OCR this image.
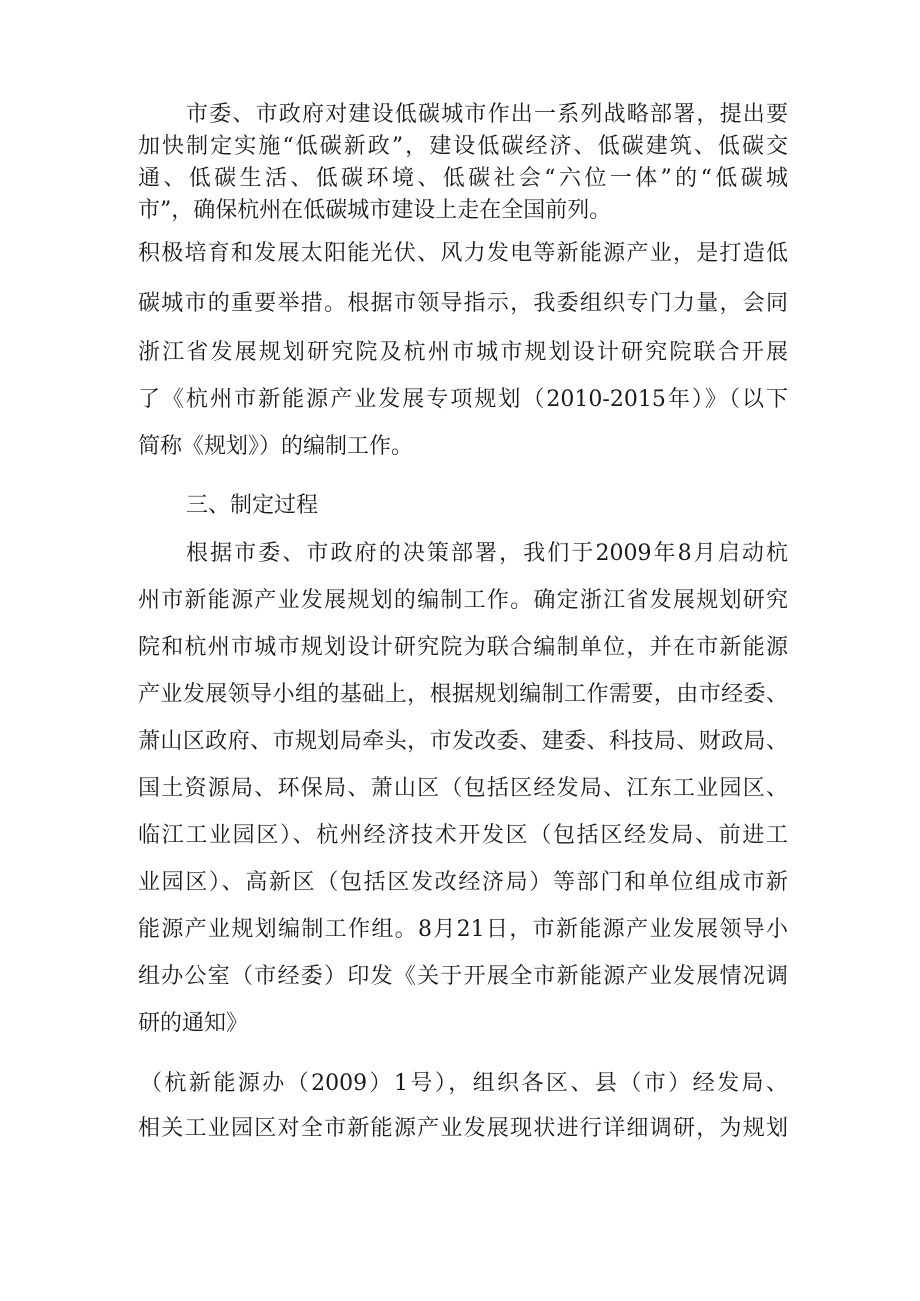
市委、市政府对建设低碳城市作出一系列战略部署，提出要
加快制定实施“低碳新政”，建设低碳经济、低碳建筑、低碳交
通、低碳生活、低碳环境、低碳社会“六位一体”的“低碳城
市”，确保杭州在低碳城市建设上走在全国前列。
积极培育和发展太阳能光伏、风力发电等新能源产业，是打造低
碳城市的重要举措。根据市领导指示，我委组织专门力量，会同
浙江省发展规划研究院及杭州市城市规划设计研究院联合开展
了《杭州市新能源产业发展专项规划（2010-2015年）》（以下
简称《规划》）的编制工作。
三、制定过程
根据市委、市政府的决策部署，我们于2009年8月启动杭
州市新能源产业发展规划的编制工作。确定浙江省发展规划研究
院和杭州市城市规划设计研究院为联合编制单位，并在市新能源
产业发展领导小组的基础上，根据规划编制工作需要，由市经委、
萧山区政府、市规划局牵头，市发改委、建委、科技局、财政局、
国土资源局、环保局、萧山区（包括区经发局、江东工业园区、
临江工业园区）、杭州经济技术开发区（包括区经发局、前进工
业园区）、高新区（包括区发改经济局）等部门和单位组成市新
能源产业规划编制工作组。8月21日，市新能源产业发展领导小
组办公室（市经委）印发《关于开展全市新能源产业发展情况调
研的通知》
（杭新能源办（2009）1号），组织各区、县（市）经发局、
相关工业园区对全市新能源产业发展现状进行详细调研，为规划
